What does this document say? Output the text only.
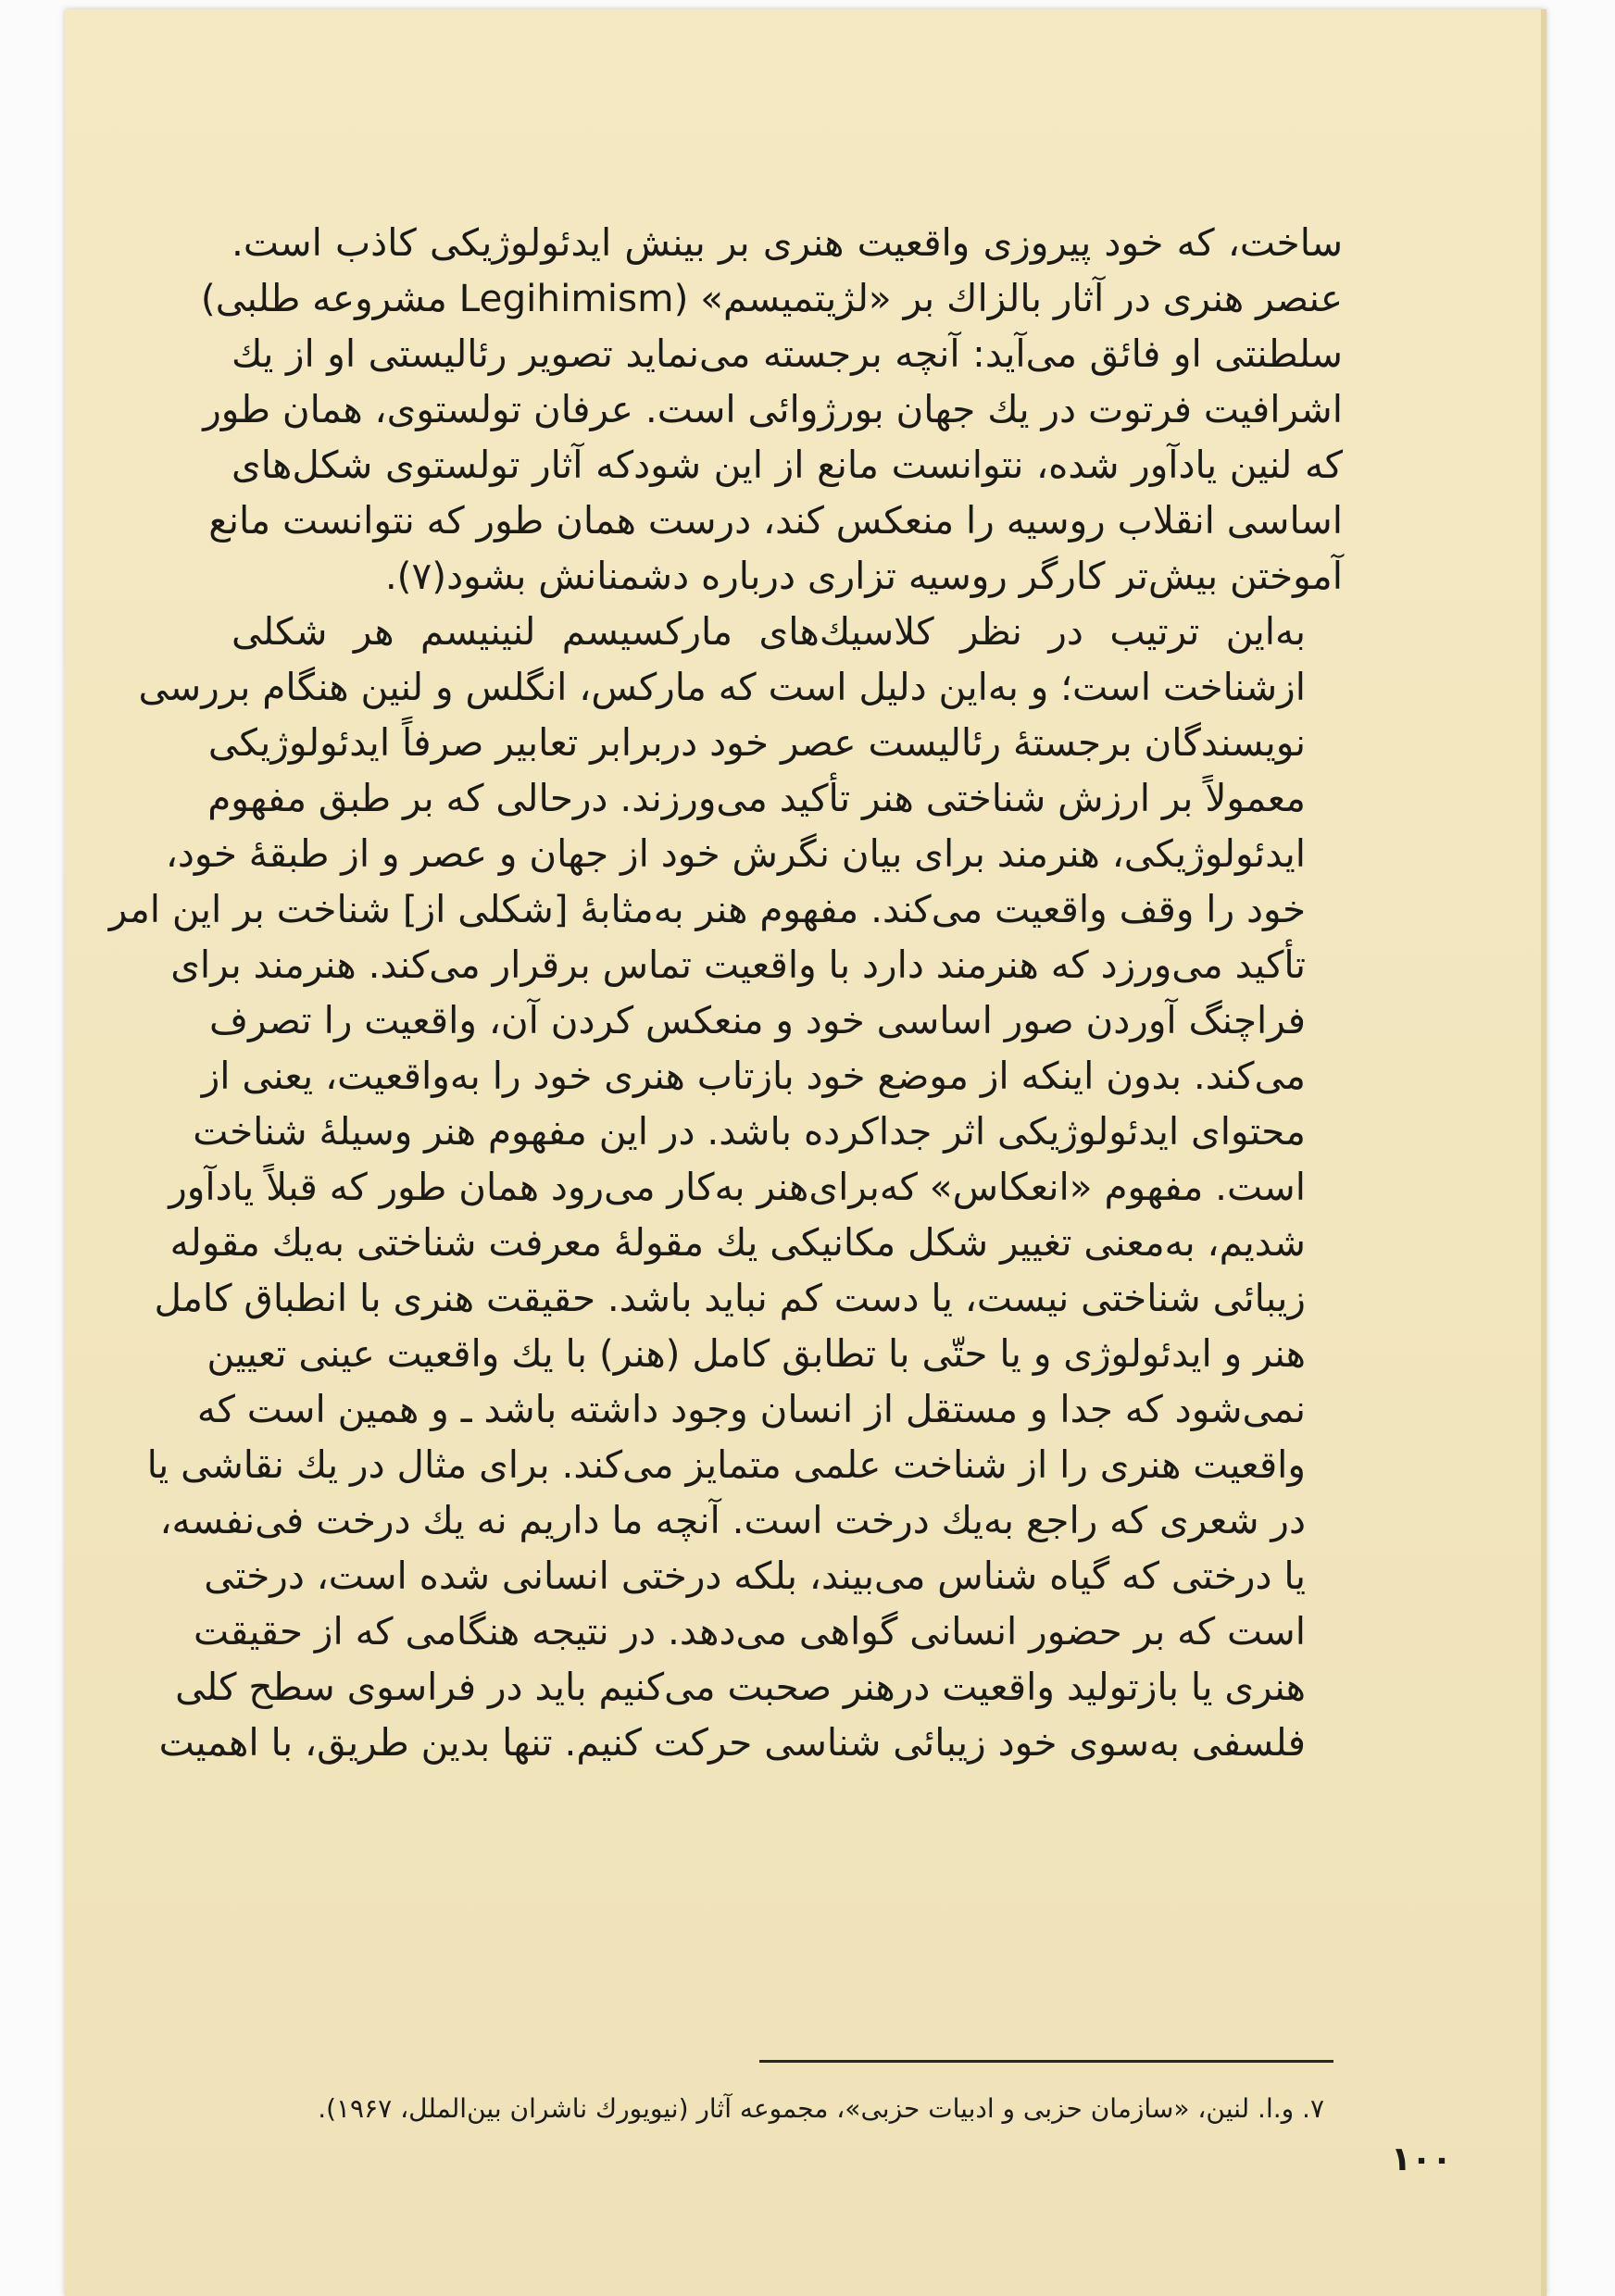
ساخت، که خود پیروزی واقعیت هنری بر بینش ایدئولوژیکی کاذب است.
عنصر هنری در آثار بالزاك بر «لژیتمیسم» (Legihimism مشروعه طلبی)
سلطنتی او فائق می‌آید: آنچه برجسته می‌نماید تصویر رئالیستی او از یك
اشرافیت فرتوت در یك جهان بورژوائی است. عرفان تولستوی، همان طور
که لنین یادآور شده، نتوانست مانع از این شودکه آثار تولستوی شکل‌های
اساسی انقلاب روسیه را منعکس کند، درست همان طور که نتوانست مانع
آموختن بیش‌تر کارگر روسیه تزاری درباره دشمنانش بشود(۷).

به‌این ترتیب در نظر کلاسیك‌های مارکسیسم لنینیسم هر شکلی
ازشناخت است؛ و به‌این دلیل است که مارکس، انگلس و لنین هنگام بررسی
نویسندگان برجستهٔ رئالیست عصر خود دربرابر تعابیر صرفاً ایدئولوژیکی
معمولاً بر ارزش شناختی هنر تأکید می‌ورزند. درحالی که بر طبق مفهوم
ایدئولوژیکی، هنرمند برای بیان نگرش خود از جهان و عصر و از طبقهٔ خود،
خود را وقف واقعیت می‌کند. مفهوم هنر به‌مثابهٔ [شکلی از] شناخت بر این امر
تأکید می‌ورزد که هنرمند دارد با واقعیت تماس برقرار می‌کند. هنرمند برای
فراچنگ آوردن صور اساسی خود و منعکس کردن آن، واقعیت را تصرف
می‌کند. بدون اینکه از موضع خود بازتاب هنری خود را به‌واقعیت، یعنی از
محتوای ایدئولوژیکی اثر جداکرده باشد. در این مفهوم هنر وسیلهٔ شناخت
است. مفهوم «انعکاس» که‌برای‌هنر به‌کار می‌رود همان طور که قبلاً یادآور
شدیم، به‌معنی تغییر شکل مکانیکی یك مقولهٔ معرفت شناختی به‌یك مقوله
زیبائی شناختی نیست، یا دست کم نباید باشد. حقیقت هنری با انطباق کامل
هنر و ایدئولوژی و یا حتّی با تطابق کامل (هنر) با یك واقعیت عینی تعیین
نمی‌شود که جدا و مستقل از انسان وجود داشته باشد ـ و همین است که
واقعیت هنری را از شناخت علمی متمایز می‌کند. برای مثال در یك نقاشی یا
در شعری که راجع به‌یك درخت است. آنچه ما داریم نه یك درخت فی‌نفسه،
یا درختی که گیاه شناس می‌بیند، بلکه درختی انسانی شده است، درختی
است که بر حضور انسانی گواهی می‌دهد. در نتیجه هنگامی که از حقیقت
هنری یا بازتولید واقعیت درهنر صحبت می‌کنیم باید در فراسوی سطح کلی
فلسفی به‌سوی خود زیبائی شناسی حرکت کنیم. تنها بدین طریق، با اهمیت

۷. و.ا. لنین، «سازمان حزبی و ادبیات حزبی»، مجموعه آثار (نیویورك ناشران بین‌الملل، ۱۹۶۷).
۱۰۰
